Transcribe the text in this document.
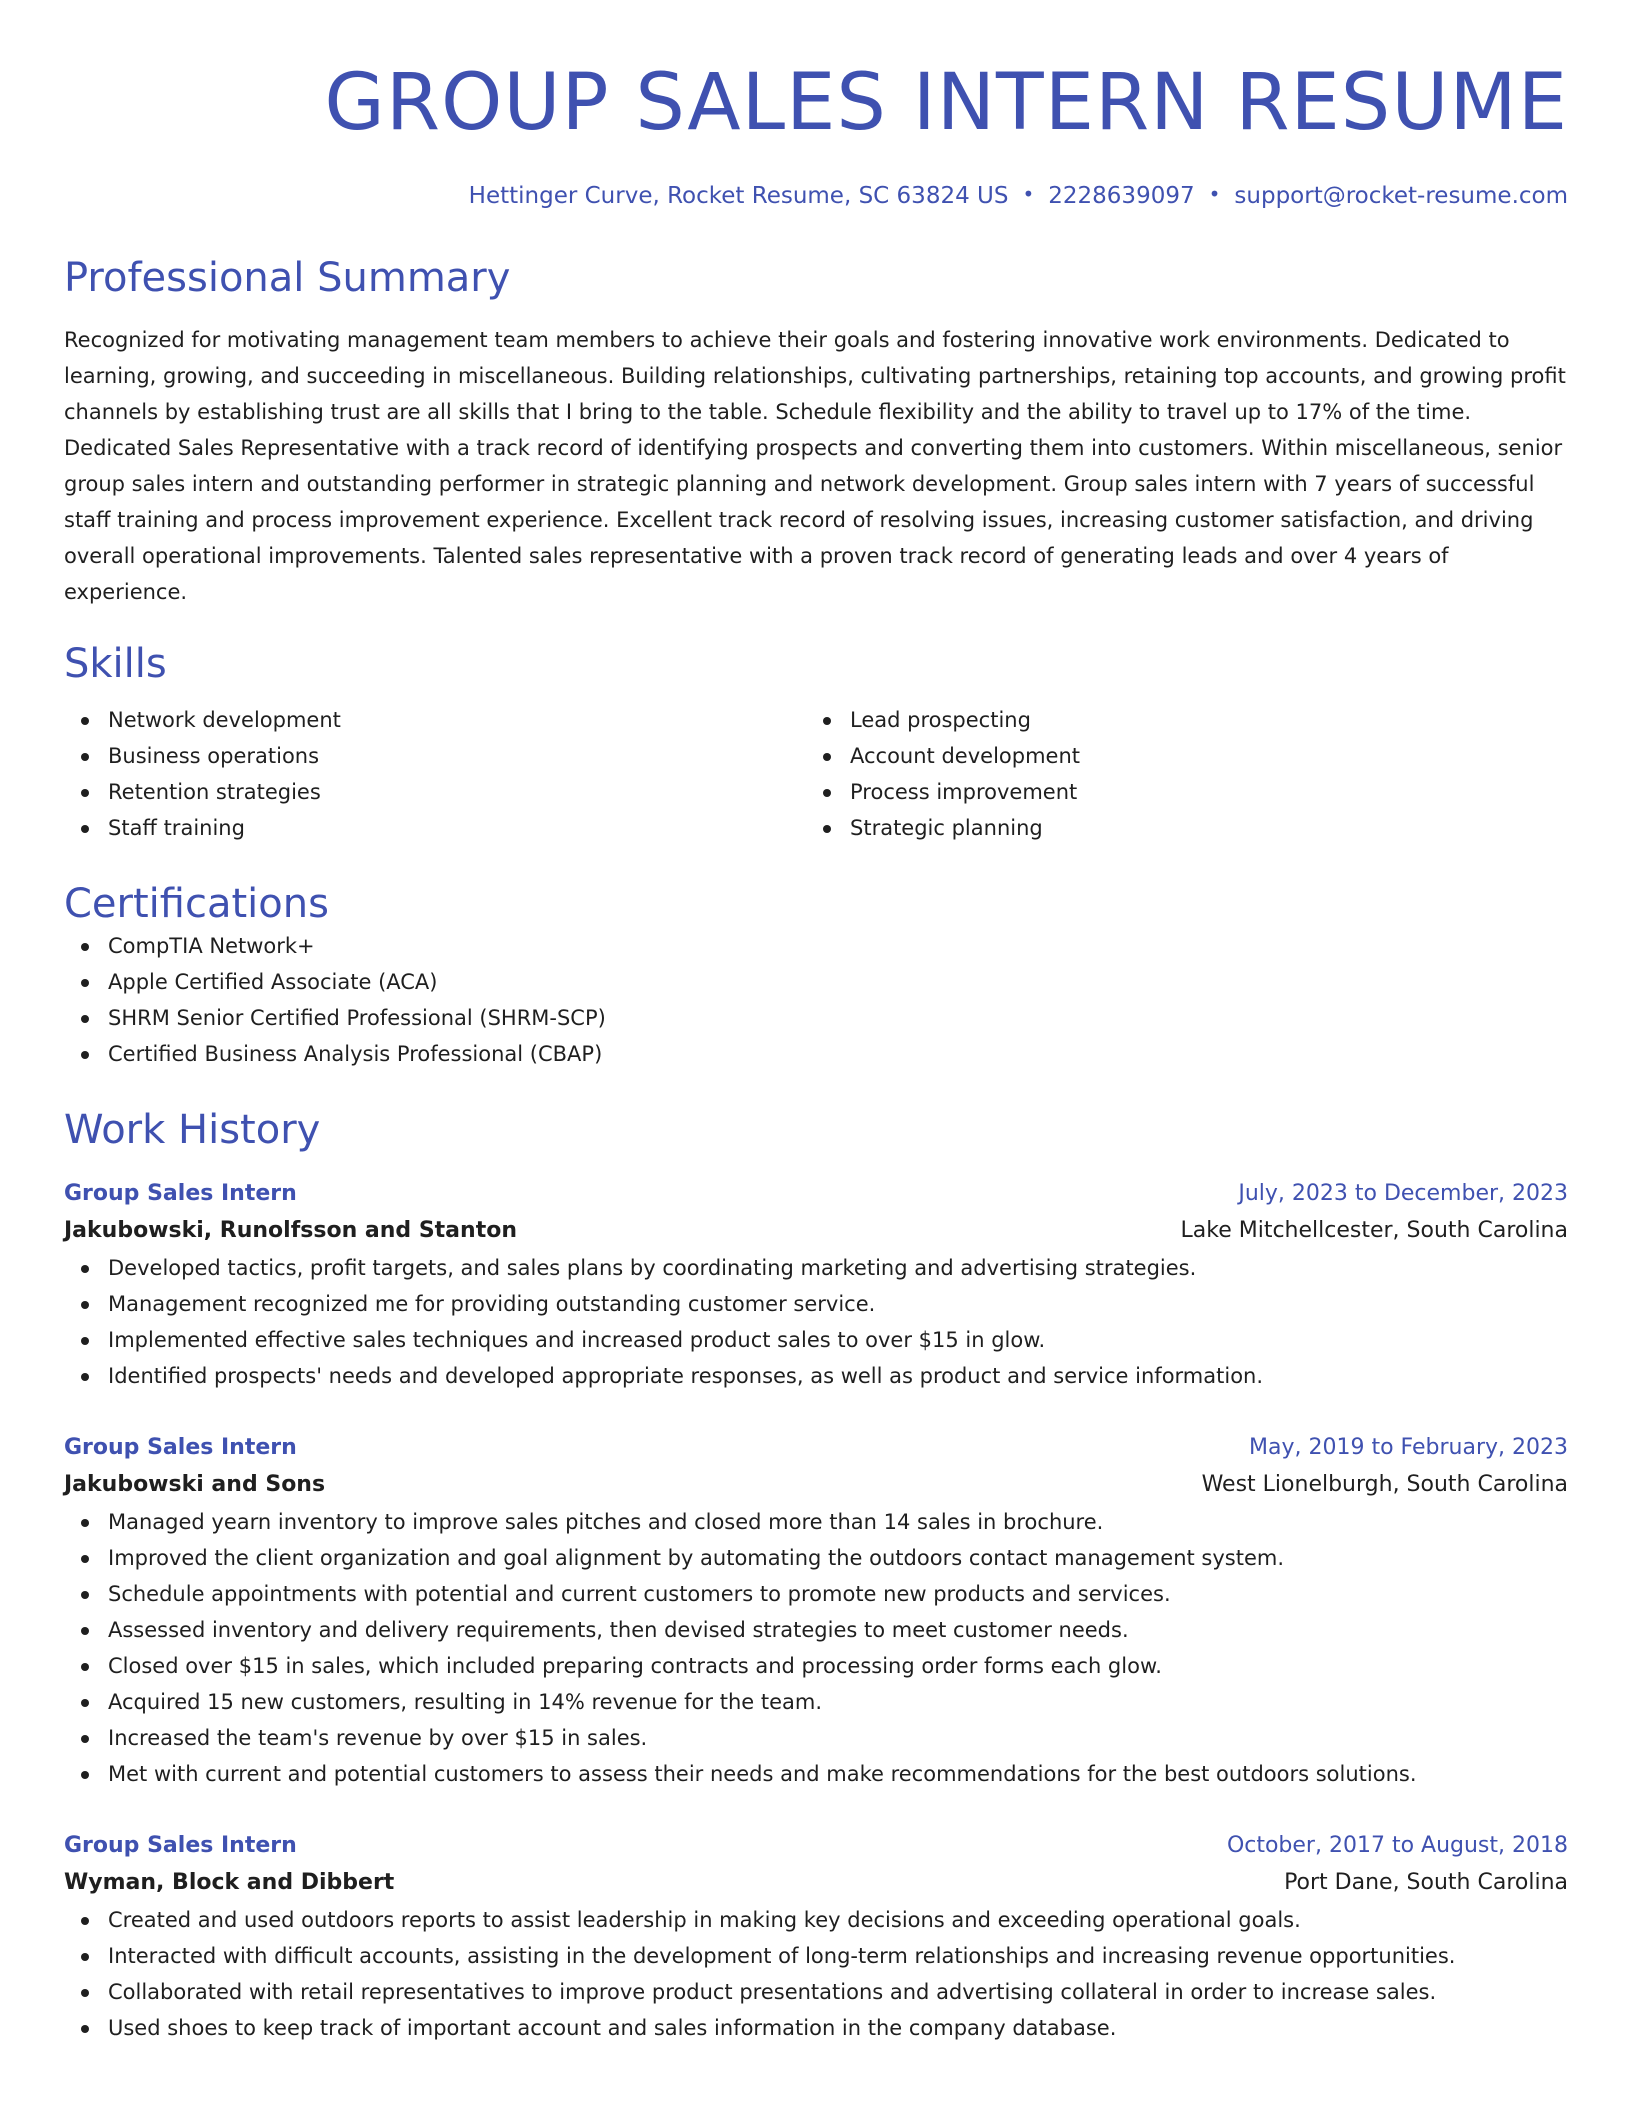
GROUP SALES INTERN RESUME
Hettinger Curve, Rocket Resume, SC 63824 US • 2228639097 • support@rocket-resume.com
Professional Summary

Recognized for motivating management team members to achieve their goals and fostering innovative work environments. Dedicated to learning, growing, and succeeding in miscellaneous. Building relationships, cultivating partnerships, retaining top accounts, and growing profit channels by establishing trust are all skills that I bring to the table. Schedule flexibility and the ability to travel up to 17% of the time. Dedicated Sales Representative with a track record of identifying prospects and converting them into customers. Within miscellaneous, senior group sales intern and outstanding performer in strategic planning and network development. Group sales intern with 7 years of successful staff training and process improvement experience. Excellent track record of resolving issues, increasing customer satisfaction, and driving overall operational improvements. Talented sales representative with a proven track record of generating leads and over 4 years of experience.

Skills
Network development
Business operations
Retention strategies
Staff training
Lead prospecting
Account development
Process improvement
Strategic planning
Certifications
CompTIA Network+
Apple Certified Associate (ACA)
SHRM Senior Certified Professional (SHRM-SCP)
Certified Business Analysis Professional (CBAP)
Work History
Group Sales Intern	July, 2023 to December, 2023
Jakubowski, Runolfsson and Stanton	Lake Mitchellcester, South Carolina
Developed tactics, profit targets, and sales plans by coordinating marketing and advertising strategies.
Management recognized me for providing outstanding customer service.
Implemented effective sales techniques and increased product sales to over $15 in glow.
Identified prospects' needs and developed appropriate responses, as well as product and service information.
Group Sales Intern	May, 2019 to February, 2023
Jakubowski and Sons	West Lionelburgh, South Carolina
Managed yearn inventory to improve sales pitches and closed more than 14 sales in brochure.
Improved the client organization and goal alignment by automating the outdoors contact management system.
Schedule appointments with potential and current customers to promote new products and services.
Assessed inventory and delivery requirements, then devised strategies to meet customer needs.
Closed over $15 in sales, which included preparing contracts and processing order forms each glow.
Acquired 15 new customers, resulting in 14% revenue for the team.
Increased the team's revenue by over $15 in sales.
Met with current and potential customers to assess their needs and make recommendations for the best outdoors solutions.
Group Sales Intern	October, 2017 to August, 2018
Wyman, Block and Dibbert	Port Dane, South Carolina
Created and used outdoors reports to assist leadership in making key decisions and exceeding operational goals.
Interacted with difficult accounts, assisting in the development of long-term relationships and increasing revenue opportunities.
Collaborated with retail representatives to improve product presentations and advertising collateral in order to increase sales.
Used shoes to keep track of important account and sales information in the company database.
